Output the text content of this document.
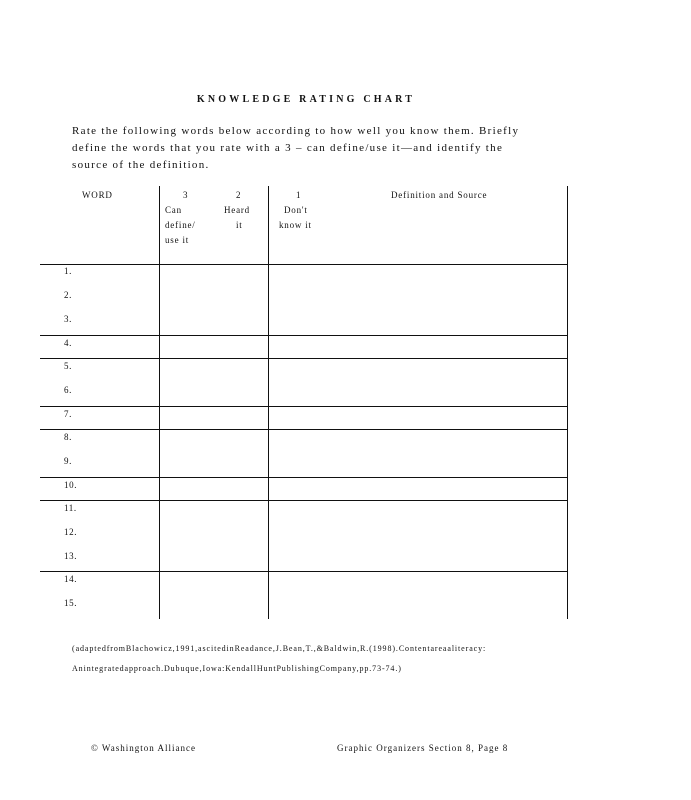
KNOWLEDGE RATING CHART
Rate the following words below according to how well you know them. Briefly define the words that you rate with a 3 – can define/use it—and identify the source of the definition.
WORD	3
Can
define/
use it
2
Heard
it
1
Don't
know it
Definition and Source
1.
2.
3.
4.
5.
6.
7.
8.
9.
10.
11.
12.
13.
14.
15.
(adaptedfromBlachowicz,1991,ascitedinReadance,J.Bean,T.,&Baldwin,R.(1998).Contentareaaliteracy:
Anintegratedapproach.Dubuque,Iowa:KendallHuntPublishingCompany,pp.73-74.)
© Washington Alliance	Graphic Organizers Section 8, Page 8
